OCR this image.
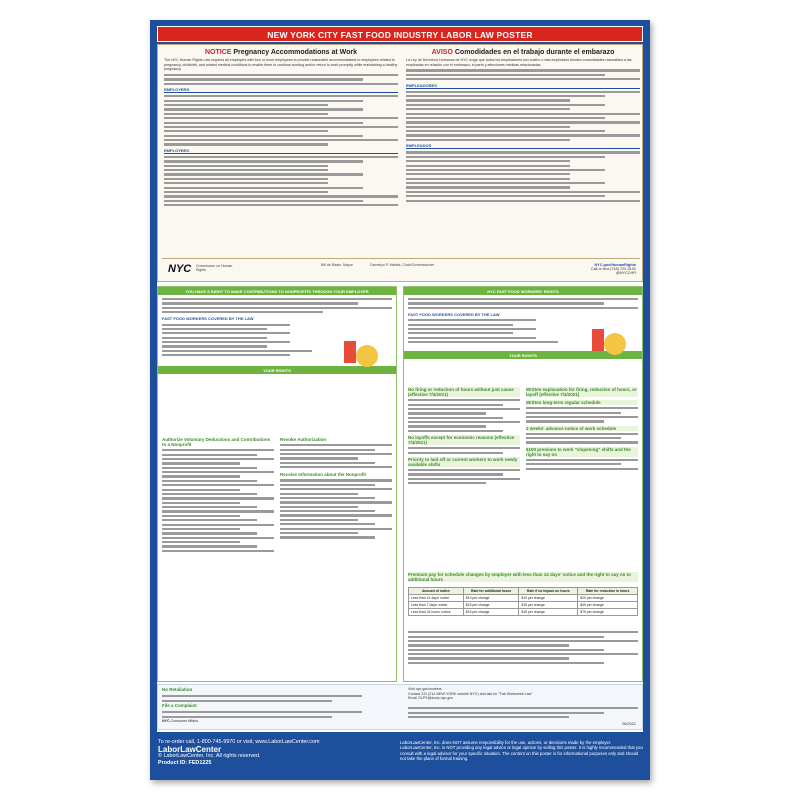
NEW YORK CITY FAST FOOD INDUSTRY LABOR LAW POSTER
NOTICE Pregnancy Accommodations at Work

The NYC Human Rights Law requires all employers with four or more employees to provide reasonable accommodations to employees related to pregnancy, childbirth, and related medical conditions to enable them to continue working and/or return to work promptly while maintaining a healthy pregnancy.

EMPLOYERS
EMPLOYEES
AVISO Comodidades en el trabajo durante el embarazo

La Ley de Derechos Humanos de NYC exige que todos los empleadores con cuatro o más empleados brinden comodidades razonables a las empleadas en relación con el embarazo, el parto y afecciones médicas relacionadas.

EMPLEADORES
EMPLEADOS
NYC Commission on Human Rights
Bill de Blasio, Mayor	Carmelyn P. Malalis, Chair/Commissioner	NYC.gov/HumanRights
Call or text (718) 722-3131
@NYCCHR
YOU HAVE A RIGHT TO MAKE CONTRIBUTIONS TO NONPROFITS THROUGH YOUR EMPLOYER
FAST FOOD WORKERS COVERED BY THE LAW
YOUR RIGHTS
Authorize Voluntary Deductions and Contributions to a Nonprofit
Revoke Authorization
Receive Information about the Nonprofit
NYC FAST FOOD WORKERS' RIGHTS
FAST FOOD WORKERS COVERED BY THE LAW
YOUR RIGHTS
No firing or reduction of hours without just cause (effective 7/4/2021)
No layoffs except for economic reasons (effective 7/4/2021)
Priority to laid off or current workers to work newly available shifts
Written explanation for firing, reduction of hours, or layoff (effective 7/4/2021)
Written long-term regular schedule
2 weeks' advance notice of work schedule
$100 premium to work "clopening" shifts and the right to say no
Premium pay for schedule changes by employer with less than 14 days' notice and the right to say no to additional hours
Amount of notice	Rate for additional hours	Rate if no impact on hours	Rate for reduction in hours
Less than 14 days' notice	$10 per change	$10 per change	$20 per change
Less than 7 days' notice	$15 per change	$15 per change	$45 per change
Less than 24 hours' notice	$15 per change	$15 per change	$75 per change
No Retaliation
File a Complaint
NYC Consumer Affairs
Visit nyc.gov/workers
Contact 311 (212-NEW-YORK outside NYC) and ask for "Fair Workweek Law"
Email OLPS@dcwp.nyc.gov
06/2021
To re-order call, 1-800-745-9970 or visit, www.LaborLawCenter.com
LaborLawCenter
© LaborLawCenter, Inc. All rights reserved.
Product ID: FED1225
LaborLawCenter, Inc. does NOT assume responsibility for the use, actions, or decisions made by the employer. LaborLawCenter, Inc. is NOT providing any legal advice or legal opinion by selling this poster. It is highly recommended that you consult with a legal advisor for your specific situation. The content on this poster is for informational purposes only and should not take the place of formal training.
